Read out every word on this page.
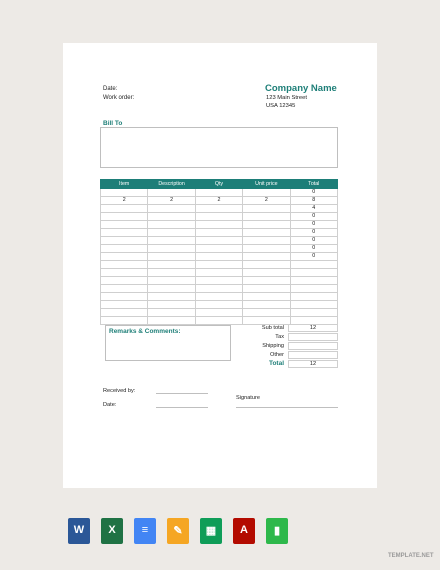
Date:
Work order:
Company Name
123 Main Street
USA 12345
Bill To
Item	Description	Qty	Unit price	Total
				0
2	2	2	2	8
				4
				0
				0
				0
				0
				0
				0

Remarks & Comments:	Sub total	12
Tax
Shipping
Other
Total	12
Received by:
Date:
Signature
W	X	≡	✎	▦	A	▮
TEMPLATE.NET
